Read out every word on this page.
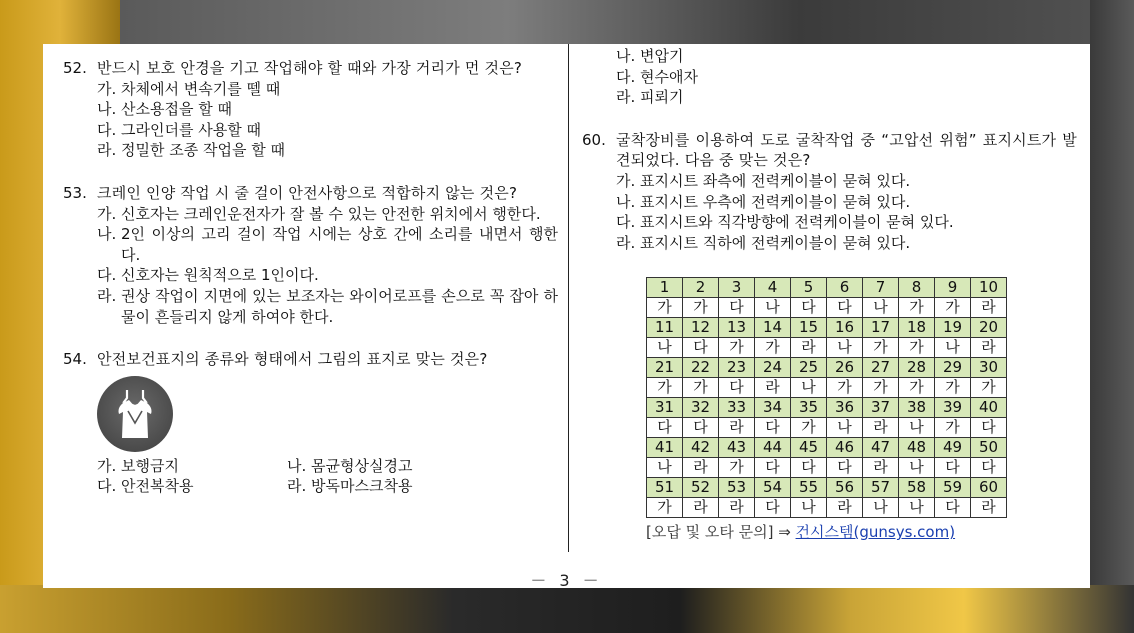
52. 반드시 보호 안경을 기고 작업해야 할 때와 가장 거리가 먼 것은?
가. 차체에서 변속기를 뗄 때
나. 산소용접을 할 때
다. 그라인더를 사용할 때
라. 정밀한 조종 작업을 할 때
53. 크레인 인양 작업 시 줄 걸이 안전사항으로 적합하지 않는 것은?
가. 신호자는 크레인운전자가 잘 볼 수 있는 안전한 위치에서 행한다.
나. 2인 이상의 고리 걸이 작업 시에는 상호 간에 소리를 내면서 행한다.
다. 신호자는 원칙적으로 1인이다.
라. 권상 작업이 지면에 있는 보조자는 와이어로프를 손으로 꼭 잡아 하물이 흔들리지 않게 하여야 한다.
54. 안전보건표지의 종류와 형태에서 그림의 표지로 맞는 것은?
가. 보행금지	나. 몸균형상실경고
다. 안전복착용	라. 방독마스크착용
나. 변압기
다. 현수애자
라. 피뢰기
60. 굴착장비를 이용하여 도로 굴착작업 중 “고압선 위험” 표지시트가 발견되었다. 다음 중 맞는 것은?
가. 표지시트 좌측에 전력케이블이 묻혀 있다.
나. 표지시트 우측에 전력케이블이 묻혀 있다.
다. 표지시트와 직각방향에 전력케이블이 묻혀 있다.
라. 표지시트 직하에 전력케이블이 묻혀 있다.
1	2	3	4	5	6	7	8	9	10
가	가	다	나	다	다	나	가	가	라
11	12	13	14	15	16	17	18	19	20
나	다	가	가	라	나	가	가	나	라
21	22	23	24	25	26	27	28	29	30
가	가	다	라	나	가	가	가	가	가
31	32	33	34	35	36	37	38	39	40
다	다	라	다	가	나	라	나	가	다
41	42	43	44	45	46	47	48	49	50
나	라	가	다	다	다	라	나	다	다
51	52	53	54	55	56	57	58	59	60
가	라	라	다	나	라	나	나	다	라
[오답 및 오타 문의] ⇒ 건시스템(gunsys.com)
－ 3 －
